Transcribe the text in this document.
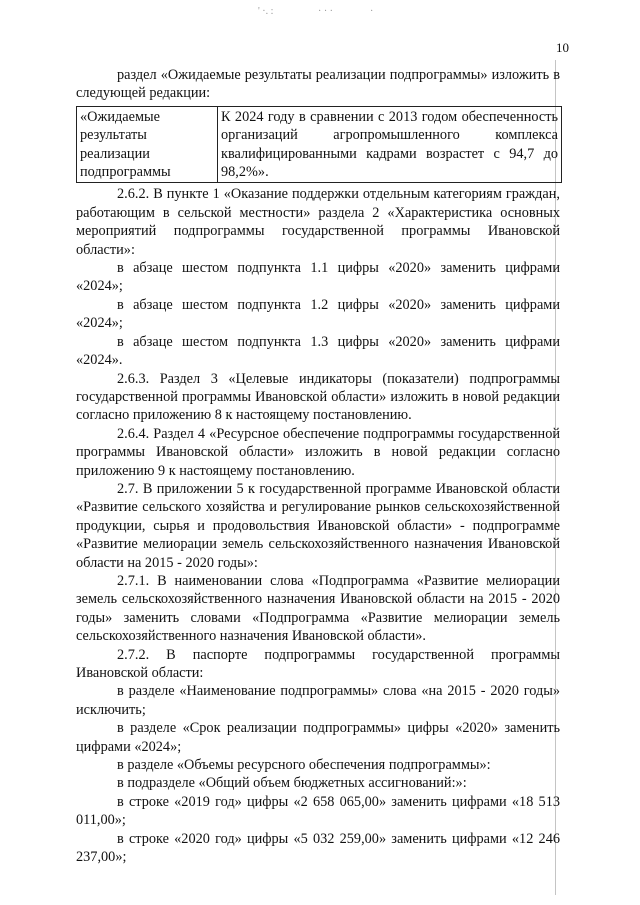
' ·. :	· · ·	·
10

раздел «Ожидаемые результаты реализации подпрограммы» изложить в следующей редакции:

«Ожидаемые результаты реализации подпрограммы	К 2024 году в сравнении с 2013 годом обеспеченность организаций агропромышленного комплекса квалифицированными кадрами возрастет с 94,7 до 98,2%».

2.6.2. В пункте 1 «Оказание поддержки отдельным категориям граждан, работающим в сельской местности» раздела 2 «Характеристика основных мероприятий подпрограммы государственной программы Ивановской области»:

в абзаце шестом подпункта 1.1 цифры «2020» заменить цифрами «2024»;

в абзаце шестом подпункта 1.2 цифры «2020» заменить цифрами «2024»;

в абзаце шестом подпункта 1.3 цифры «2020» заменить цифрами «2024».

2.6.3. Раздел 3 «Целевые индикаторы (показатели) подпрограммы государственной программы Ивановской области» изложить в новой редакции согласно приложению 8 к настоящему постановлению.

2.6.4. Раздел 4 «Ресурсное обеспечение подпрограммы государственной программы Ивановской области» изложить в новой редакции согласно приложению 9 к настоящему постановлению.

2.7. В приложении 5 к государственной программе Ивановской области «Развитие сельского хозяйства и регулирование рынков сельскохозяйственной продукции, сырья и продовольствия Ивановской области» - подпрограмме «Развитие мелиорации земель сельскохозяйственного назначения Ивановской области на 2015 - 2020 годы»:

2.7.1. В наименовании слова «Подпрограмма «Развитие мелиорации земель сельскохозяйственного назначения Ивановской области на 2015 - 2020 годы» заменить словами «Подпрограмма «Развитие мелиорации земель сельскохозяйственного назначения Ивановской области».

2.7.2. В паспорте подпрограммы государственной программы Ивановской области:

в разделе «Наименование подпрограммы» слова «на 2015 - 2020 годы» исключить;

в разделе «Срок реализации подпрограммы» цифры «2020» заменить цифрами «2024»;

в разделе «Объемы ресурсного обеспечения подпрограммы»:

в подразделе «Общий объем бюджетных ассигнований:»:

в строке «2019 год» цифры «2 658 065,00» заменить цифрами «18 513 011,00»;

в строке «2020 год» цифры «5 032 259,00» заменить цифрами «12 246 237,00»;
